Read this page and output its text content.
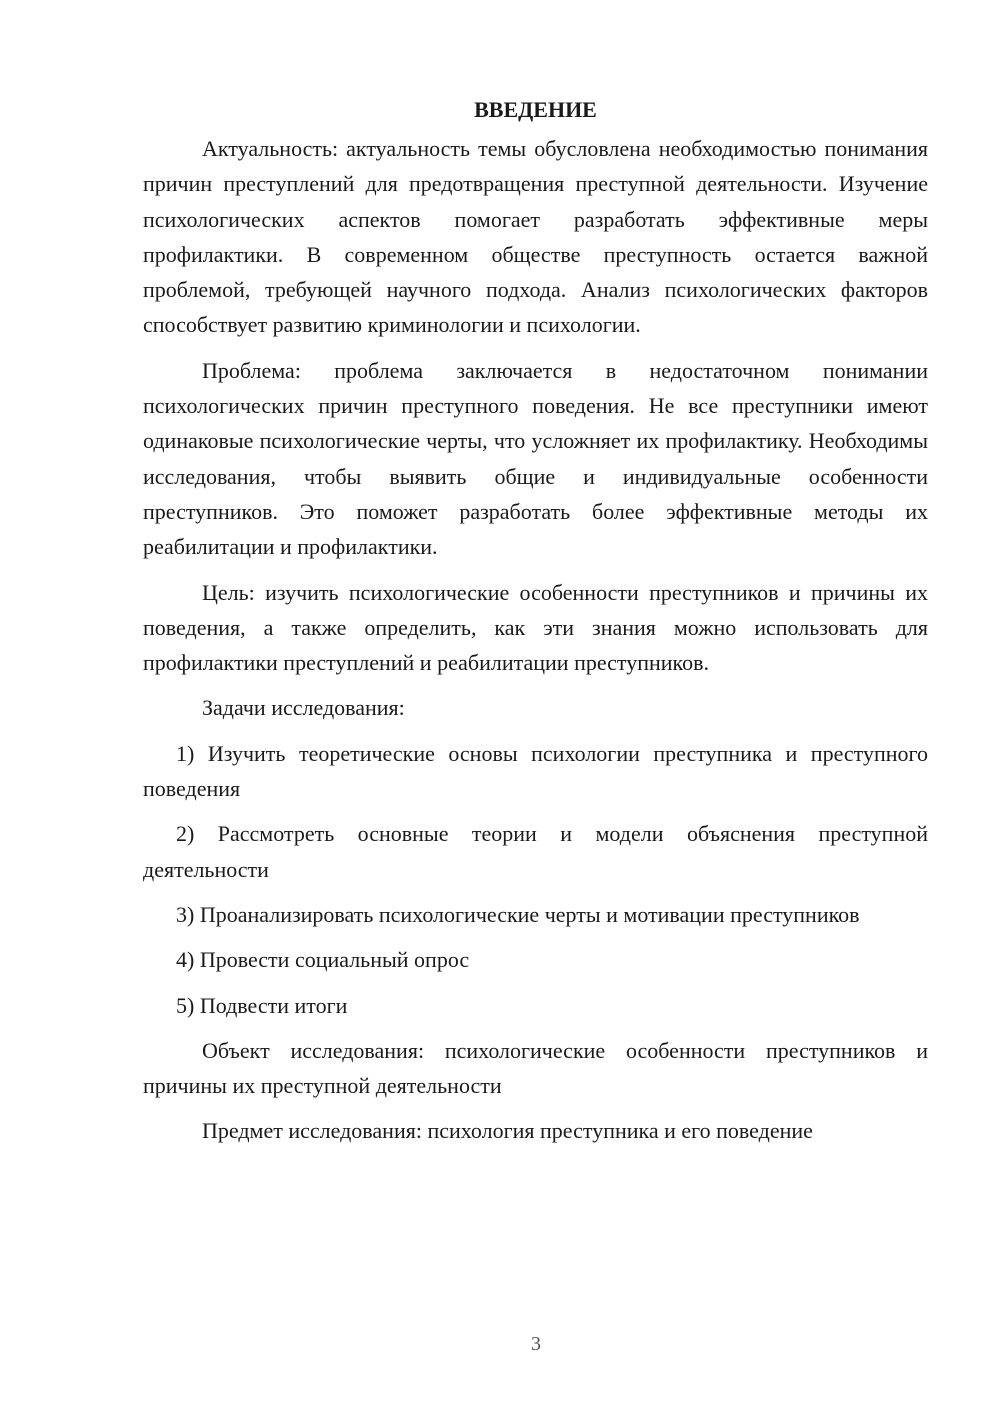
ВВЕДЕНИЕ

Актуальность: актуальность темы обусловлена необходимостью понимания причин преступлений для предотвращения преступной деятельности. Изучение психологических аспектов помогает разработать эффективные меры профилактики. В современном обществе преступность остается важной проблемой, требующей научного подхода. Анализ психологических факторов способствует развитию криминологии и психологии.

Проблема: проблема заключается в недостаточном понимании психологических причин преступного поведения. Не все преступники имеют одинаковые психологические черты, что усложняет их профилактику. Необходимы исследования, чтобы выявить общие и индивидуальные особенности преступников. Это поможет разработать более эффективные методы их реабилитации и профилактики.

Цель: изучить психологические особенности преступников и причины их поведения, а также определить, как эти знания можно использовать для профилактики преступлений и реабилитации преступников.

Задачи исследования:

1) Изучить теоретические основы психологии преступника и преступного поведения

2) Рассмотреть основные теории и модели объяснения преступной деятельности

3) Проанализировать психологические черты и мотивации преступников

4) Провести социальный опрос

5) Подвести итоги

Объект исследования: психологические особенности преступников и причины их преступной деятельности

Предмет исследования: психология преступника и его поведение

3
